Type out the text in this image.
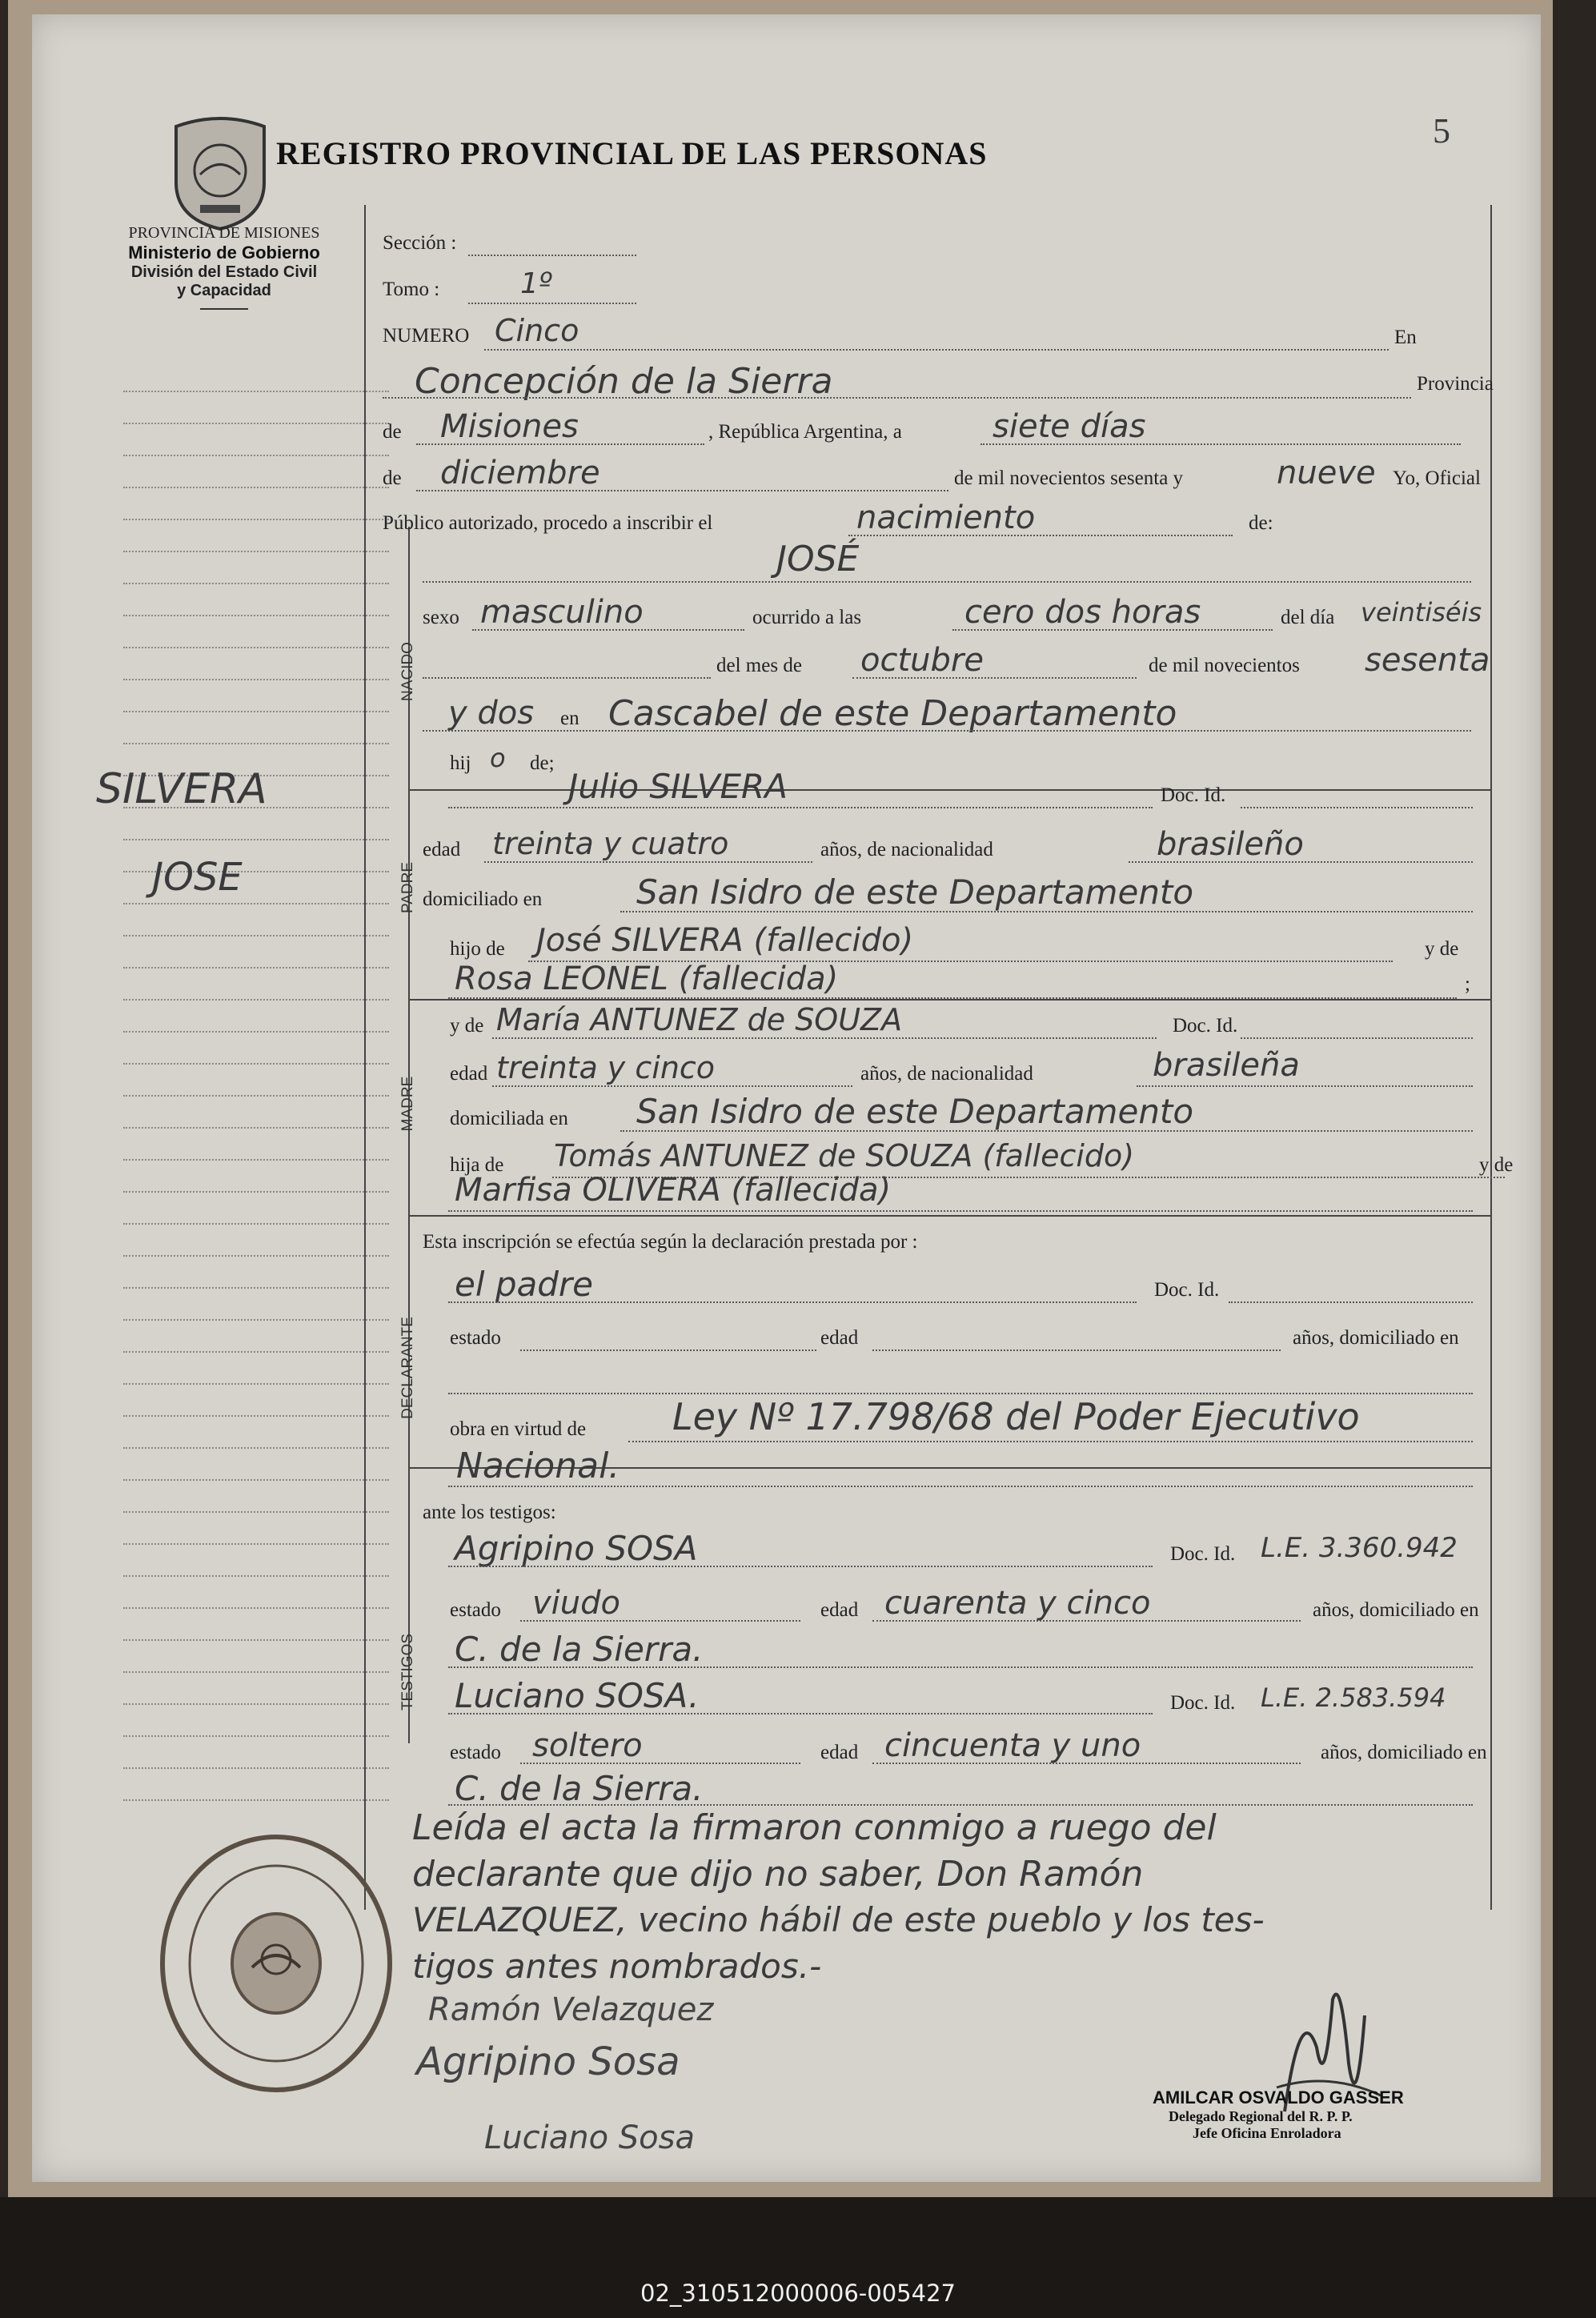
5
REGISTRO PROVINCIAL DE LAS PERSONAS
PROVINCIA DE MISIONES
Ministerio de Gobierno
División del Estado Civil
y Capacidad
SILVERA
JOSE
NACIDO
PADRE
MADRE
DECLARANTE
TESTIGOS
Sección :
Tomo :	1º
NUMERO Cinco	En
Concepción de la Sierra	Provincia
de Misiones	, República Argentina, a	siete días
de diciembre	de mil novecientos sesenta y	nueve Yo, Oficial
Público autorizado, procedo a inscribir el	nacimiento	de:
JOSÉ
sexo masculino	ocurrido a las	cero dos horas	del día veintiséis
del mes de octubre	de mil novecientos sesenta
y dos en Cascabel de este Departamento
hij o de;
Julio SILVERA	Doc. Id.
edad treinta y cuatro	años, de nacionalidad	brasileño
domiciliado en	San Isidro de este Departamento
hijo de José SILVERA (fallecido)	y de
Rosa LEONEL (fallecida)	;
y de María ANTUNEZ de SOUZA	Doc. Id.
edad treinta y cinco	años, de nacionalidad	brasileña
domiciliada en San Isidro de este Departamento
hija de Tomás ANTUNEZ de SOUZA (fallecido)	y de
Marfisa OLIVERA (fallecida)
Esta inscripción se efectúa según la declaración prestada por :
el padre	Doc. Id.
estado	edad	años, domiciliado en
obra en virtud de Ley Nº 17.798/68 del Poder Ejecutivo
Nacional.
ante los testigos:
Agripino SOSA	Doc. Id. L.E. 3.360.942
estado viudo	edad cuarenta y cinco	años, domiciliado en
C. de la Sierra.
Luciano SOSA.	Doc. Id. L.E. 2.583.594
estado soltero	edad cincuenta y uno	años, domiciliado en
C. de la Sierra.
Leída el acta la firmaron conmigo a ruego del
declarante que dijo no saber, Don Ramón
VELAZQUEZ, vecino hábil de este pueblo y los tes-
tigos antes nombrados.-
Ramón Velazquez
Agripino Sosa
Luciano Sosa
AMILCAR OSVALDO GASSER
Delegado Regional del R. P. P.
Jefe Oficina Enroladora
02_310512000006-005427
